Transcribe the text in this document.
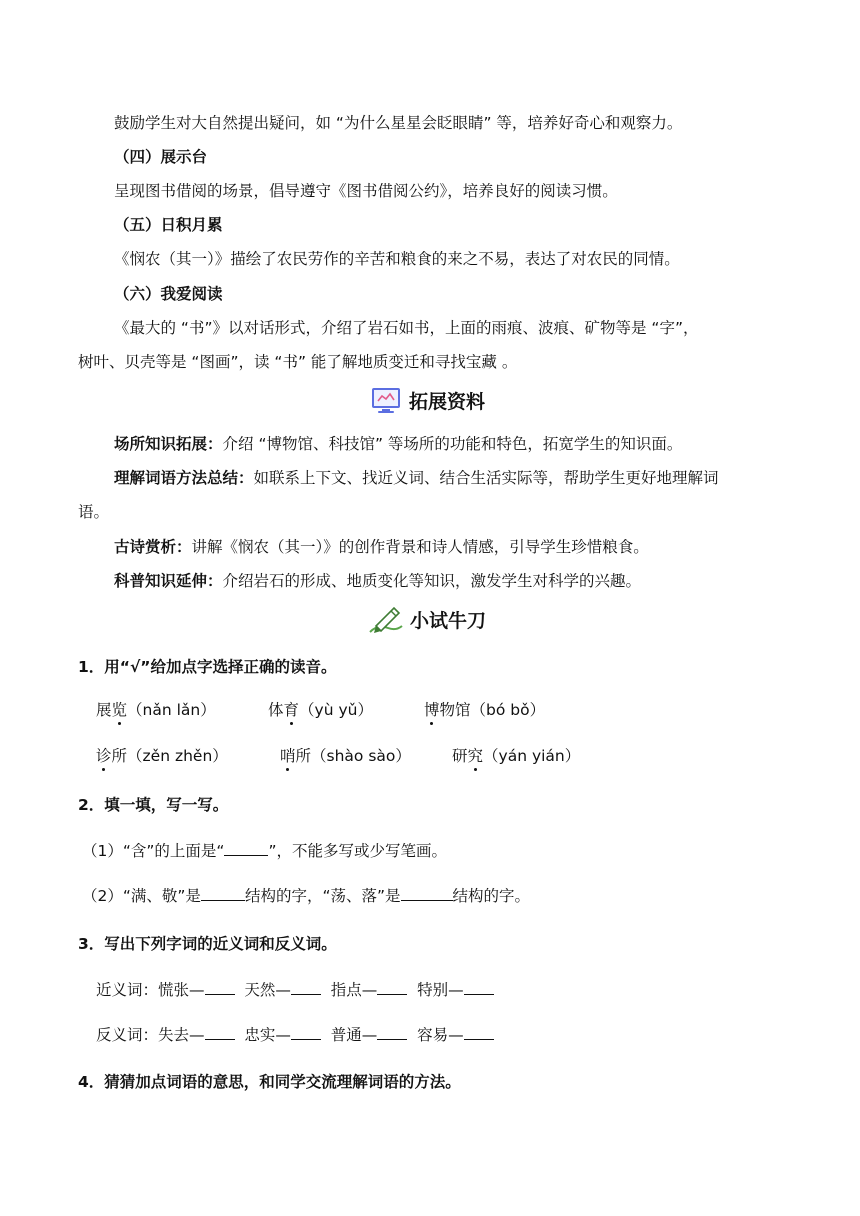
鼓励学生对大自然提出疑问，如 “为什么星星会眨眼睛” 等，培养好奇心和观察力。
（四）展示台
呈现图书借阅的场景，倡导遵守《图书借阅公约》，培养良好的阅读习惯。
（五）日积月累
《悯农（其一）》描绘了农民劳作的辛苦和粮食的来之不易，表达了对农民的同情。
（六）我爱阅读
《最大的 “书”》以对话形式，介绍了岩石如书，上面的雨痕、波痕、矿物等是 “字”，
树叶、贝壳等是 “图画”，读 “书” 能了解地质变迁和寻找宝藏 。
拓展资料
场所知识拓展：介绍 “博物馆、科技馆” 等场所的功能和特色，拓宽学生的知识面。
理解词语方法总结：如联系上下文、找近义词、结合生活实际等，帮助学生更好地理解词
语。
古诗赏析：讲解《悯农（其一）》的创作背景和诗人情感，引导学生珍惜粮食。
科普知识延伸：介绍岩石的形成、地质变化等知识，激发学生对科学的兴趣。
小试牛刀
1．用“√”给加点字选择正确的读音。
展览（nǎn lǎn）	体育（yù yǔ）	博物馆（bó bǒ）
诊所（zěn zhěn）	哨所（shào sào）	研究（yán yián）
2．填一填，写一写。
（1）“含”的上面是“	”，不能多写或少写笔画。
（2）“满、敬”是	结构的字，“荡、落”是	结构的字。
3．写出下列字词的近义词和反义词。
近义词：慌张—	天然—	指点—	特别—
反义词：失去—	忠实—	普通—	容易—
4．猜猜加点词语的意思，和同学交流理解词语的方法。
